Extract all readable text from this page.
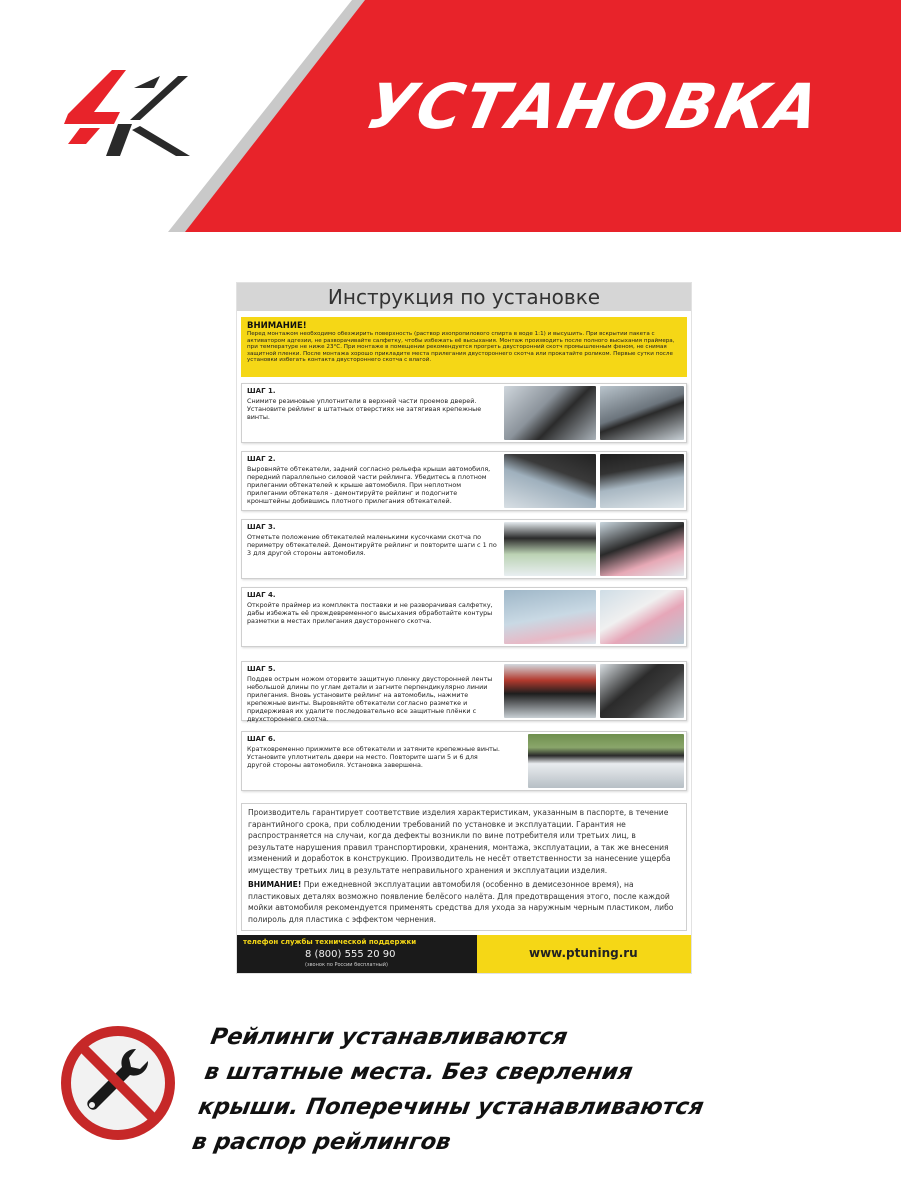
УСТАНОВКА
Инструкция по установке
ВНИМАНИЕ!
Перед монтажом необходимо обезжирить поверхность (раствор изопропилового спирта в воде 1:1) и высушить. При вскрытии пакета с активатором адгезии, не разворачивайте салфетку, чтобы избежать её высыхания. Монтаж производить после полного высыхания праймера, при температуре не ниже 23°С. При монтаже в помещении рекомендуется прогреть двусторонний скотч промышленным феном, не снимая защитной пленки. После монтажа хорошо прикладите места прилегания двустороннего скотча или прокатайте роликом. Первые сутки после установки избегать контакта двустороннего скотча с влагой.
ШАГ 1.
Снимите резиновые уплотнители в верхней части проемов дверей. Установите рейлинг в штатных отверстиях не затягивая крепежные винты.
ШАГ 2.
Выровняйте обтекатели, задний согласно рельефа крыши автомобиля, передний параллельно силовой части рейлинга. Убедитесь в плотном прилегании обтекателей к крыше автомобиля. При неплотном прилегании обтекателя - демонтируйте рейлинг и подогните кронштейны добившись плотного прилегания обтекателей.
ШАГ 3.
Отметьте положение обтекателей маленькими кусочками скотча по периметру обтекателей. Демонтируйте рейлинг и повторите шаги с 1 по 3 для другой стороны автомобиля.
ШАГ 4.
Откройте праймер из комплекта поставки и не разворачивая салфетку, дабы избежать её преждевременного высыхания обработайте контуры разметки в местах прилегания двустороннего скотча.
ШАГ 5.
Поддев острым ножом оторвите защитную пленку двусторонней ленты небольшой длины по углам детали и загните перпендикулярно линии прилегания. Вновь установите рейлинг на автомобиль, нажмите крепежные винты. Выровняйте обтекатели согласно разметке и придерживая их удалите последовательно все защитные плёнки с двухстороннего скотча.
ШАГ 6.
Кратковременно прижмите все обтекатели и затяните крепежные винты. Установите уплотнитель двери на место. Повторите шаги 5 и 6 для другой стороны автомобиля. Установка завершена.
Производитель гарантирует соответствие изделия характеристикам, указанным в паспорте, в течение гарантийного срока, при соблюдении требований по установке и эксплуатации. Гарантия не распространяется на случаи, когда дефекты возникли по вине потребителя или третьих лиц, в результате нарушения правил транспортировки, хранения, монтажа, эксплуатации, а так же внесения изменений и доработок в конструкцию. Производитель не несёт ответственности за нанесение ущерба имуществу третьих лиц в результате неправильного хранения и эксплуатации изделия.
ВНИМАНИЕ! При ежедневной эксплуатации автомобиля (особенно в демисезонное время), на пластиковых деталях возможно появление белёсого налёта. Для предотвращения этого, после каждой мойки автомобиля рекомендуется применять средства для ухода за наружным черным пластиком, либо полироль для пластика с эффектом чернения.
телефон службы технической поддержки
8 (800) 555 20 90
(звонок по России бесплатный)
www.ptuning.ru
Рейлинги устанавливаются
в штатные места. Без сверления
крыши. Поперечины устанавливаются
в распор рейлингов
